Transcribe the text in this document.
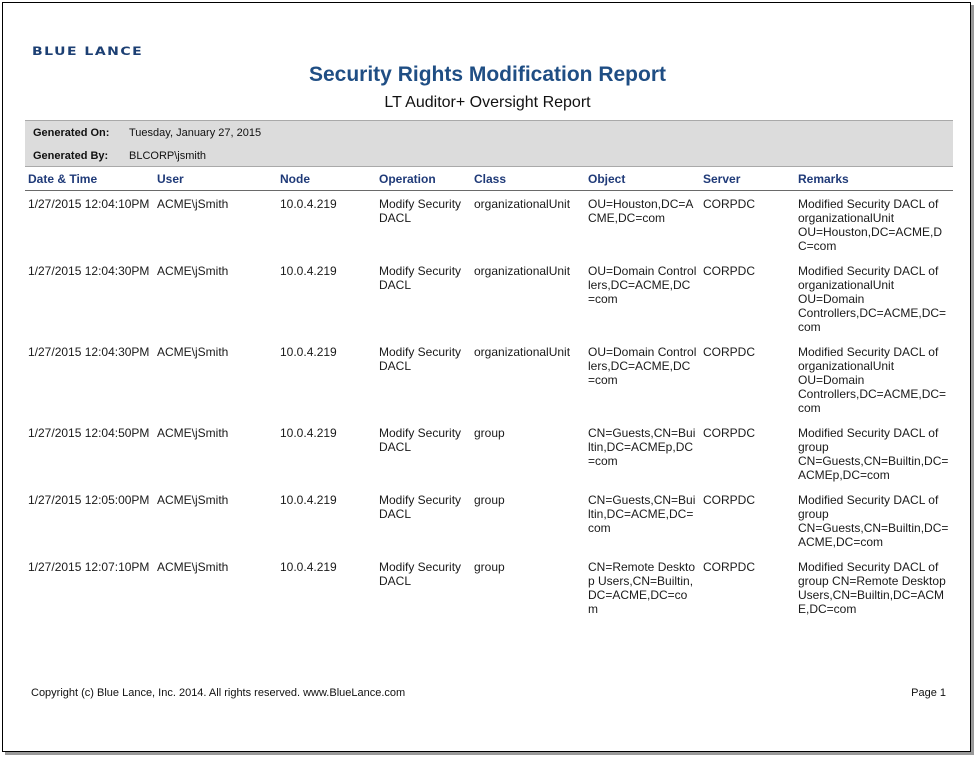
BLUE LANCE
Security Rights Modification Report
LT Auditor+ Oversight Report
Generated On: Tuesday, January 27, 2015
Generated By: BLCORP\jsmith
Date & Time	User	Node	Operation	Class	Object	Server	Remarks
1/27/2015 12:04:10PM	ACME\jSmith	10.0.4.219	Modify Security DACL	organizationalUnit	OU=Houston,DC=ACME,DC=com	CORPDC	Modified Security DACL of organizationalUnit OU=Houston,DC=ACME,DC=com
1/27/2015 12:04:30PM	ACME\jSmith	10.0.4.219	Modify Security DACL	organizationalUnit	OU=Domain Controllers,DC=ACME,DC=com	CORPDC	Modified Security DACL of organizationalUnit OU=Domain Controllers,DC=ACME,DC=com
1/27/2015 12:04:30PM	ACME\jSmith	10.0.4.219	Modify Security DACL	organizationalUnit	OU=Domain Controllers,DC=ACME,DC=com	CORPDC	Modified Security DACL of organizationalUnit OU=Domain Controllers,DC=ACME,DC=com
1/27/2015 12:04:50PM	ACME\jSmith	10.0.4.219	Modify Security DACL	group	CN=Guests,CN=Builtin,DC=ACMEp,DC=com	CORPDC	Modified Security DACL of group CN=Guests,CN=Builtin,DC=ACMEp,DC=com
1/27/2015 12:05:00PM	ACME\jSmith	10.0.4.219	Modify Security DACL	group	CN=Guests,CN=Builtin,DC=ACME,DC=com	CORPDC	Modified Security DACL of group CN=Guests,CN=Builtin,DC=ACME,DC=com
1/27/2015 12:07:10PM	ACME\jSmith	10.0.4.219	Modify Security DACL	group	CN=Remote Desktop Users,CN=Builtin,DC=ACME,DC=com	CORPDC	Modified Security DACL of group CN=Remote Desktop Users,CN=Builtin,DC=ACME,DC=com
Copyright (c) Blue Lance, Inc. 2014. All rights reserved. www.BlueLance.com	Page 1
